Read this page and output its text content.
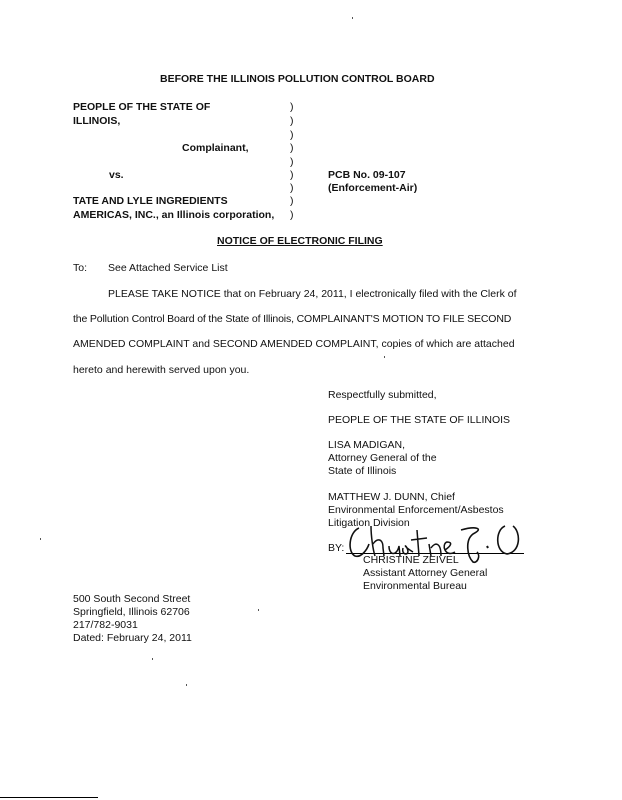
BEFORE THE ILLINOIS POLLUTION CONTROL BOARD
PEOPLE OF THE STATE OF
ILLINOIS,
Complainant,
vs.
TATE AND LYLE INGREDIENTS
AMERICAS, INC., an Illinois corporation,
)
)
)
)
)
)
)
)
)
PCB No. 09-107
(Enforcement-Air)
NOTICE OF ELECTRONIC FILING
To: See Attached Service List
PLEASE TAKE NOTICE that on February 24, 2011, I electronically filed with the Clerk of
the Pollution Control Board of the State of Illinois, COMPLAINANT'S MOTION TO FILE SECOND
AMENDED COMPLAINT and SECOND AMENDED COMPLAINT, copies of which are attached
hereto and herewith served upon you.
Respectfully submitted,
PEOPLE OF THE STATE OF ILLINOIS
LISA MADIGAN,
Attorney General of the
State of Illinois
MATTHEW J. DUNN, Chief
Environmental Enforcement/Asbestos
Litigation Division
BY:
CHRISTINE ZEIVEL
Assistant Attorney General
Environmental Bureau
500 South Second Street
Springfield, Illinois 62706
217/782-9031
Dated: February 24, 2011
